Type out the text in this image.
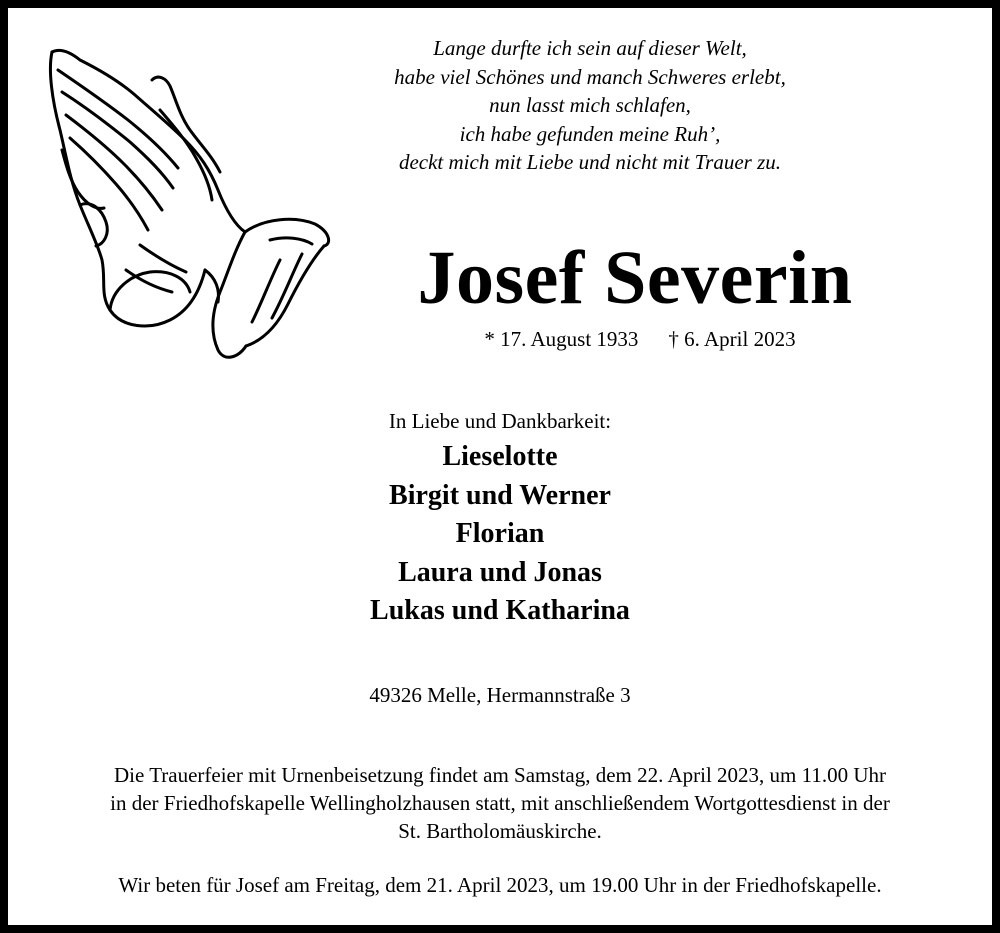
Lange durfte ich sein auf dieser Welt,
habe viel Schönes und manch Schweres erlebt,
nun lasst mich schlafen,
ich habe gefunden meine Ruh’,
deckt mich mit Liebe und nicht mit Trauer zu.
Josef Severin
* 17. August 1933 † 6. April 2023
In Liebe und Dankbarkeit:
Lieselotte
Birgit und Werner
Florian
Laura und Jonas
Lukas und Katharina
49326 Melle, Hermannstraße 3
Die Trauerfeier mit Urnenbeisetzung findet am Samstag, dem 22. April 2023, um 11.00 Uhr
in der Friedhofskapelle Wellingholzhausen statt, mit anschließendem Wortgottesdienst in der
St. Bartholomäuskirche.
Wir beten für Josef am Freitag, dem 21. April 2023, um 19.00 Uhr in der Friedhofskapelle.
